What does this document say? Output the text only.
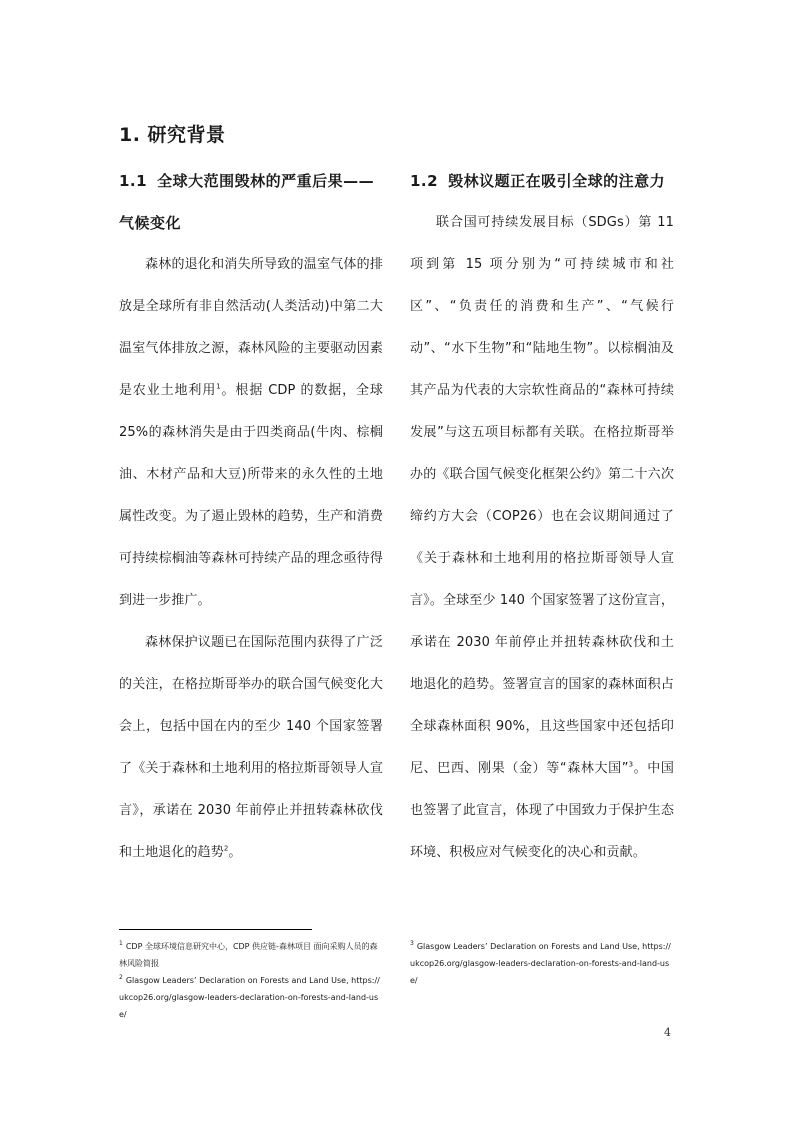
1. 研究背景
1.1 全球大范围毁林的严重后果——气候变化

森林的退化和消失所导致的温室气体的排放是全球所有非自然活动(人类活动)中第二大温室气体排放之源，森林风险的主要驱动因素是农业土地利用$^1$。根据 CDP 的数据，全球25%的森林消失是由于四类商品(牛肉、棕榈油、木材产品和大豆)所带来的永久性的土地属性改变。为了遏止毁林的趋势，生产和消费可持续棕榈油等森林可持续产品的理念亟待得到进一步推广。

森林保护议题已在国际范围内获得了广泛的关注，在格拉斯哥举办的联合国气候变化大会上，包括中国在内的至少 140 个国家签署了《关于森林和土地利用的格拉斯哥领导人宣言》，承诺在 2030 年前停止并扭转森林砍伐和土地退化的趋势$^2$。

1.2 毁林议题正在吸引全球的注意力

联合国可持续发展目标（SDGs）第 11 项到第 15 项分别为“可持续城市和社区”、“负责任的消费和生产”、“气候行动”、“水下生物”和“陆地生物”。以棕榈油及其产品为代表的大宗软性商品的“森林可持续发展”与这五项目标都有关联。在格拉斯哥举办的《联合国气候变化框架公约》第二十六次缔约方大会（COP26）也在会议期间通过了《关于森林和土地利用的格拉斯哥领导人宣言》。全球至少 140 个国家签署了这份宣言，承诺在 2030 年前停止并扭转森林砍伐和土地退化的趋势。签署宣言的国家的森林面积占全球森林面积 90%，且这些国家中还包括印尼、巴西、刚果（金）等“森林大国”$^3$。中国也签署了此宣言，体现了中国致力于保护生态环境、积极应对气候变化的决心和贡献。

$^1$ CDP 全球环境信息研究中心，CDP 供应链-森林项目 面向采购人员的森林风险简报

$^2$ Glasgow Leaders’ Declaration on Forests and Land Use, https://ukcop26.org/glasgow-leaders-declaration-on-forests-and-land-use/

$^3$ Glasgow Leaders’ Declaration on Forests and Land Use, https://ukcop26.org/glasgow-leaders-declaration-on-forests-and-land-use/

4
